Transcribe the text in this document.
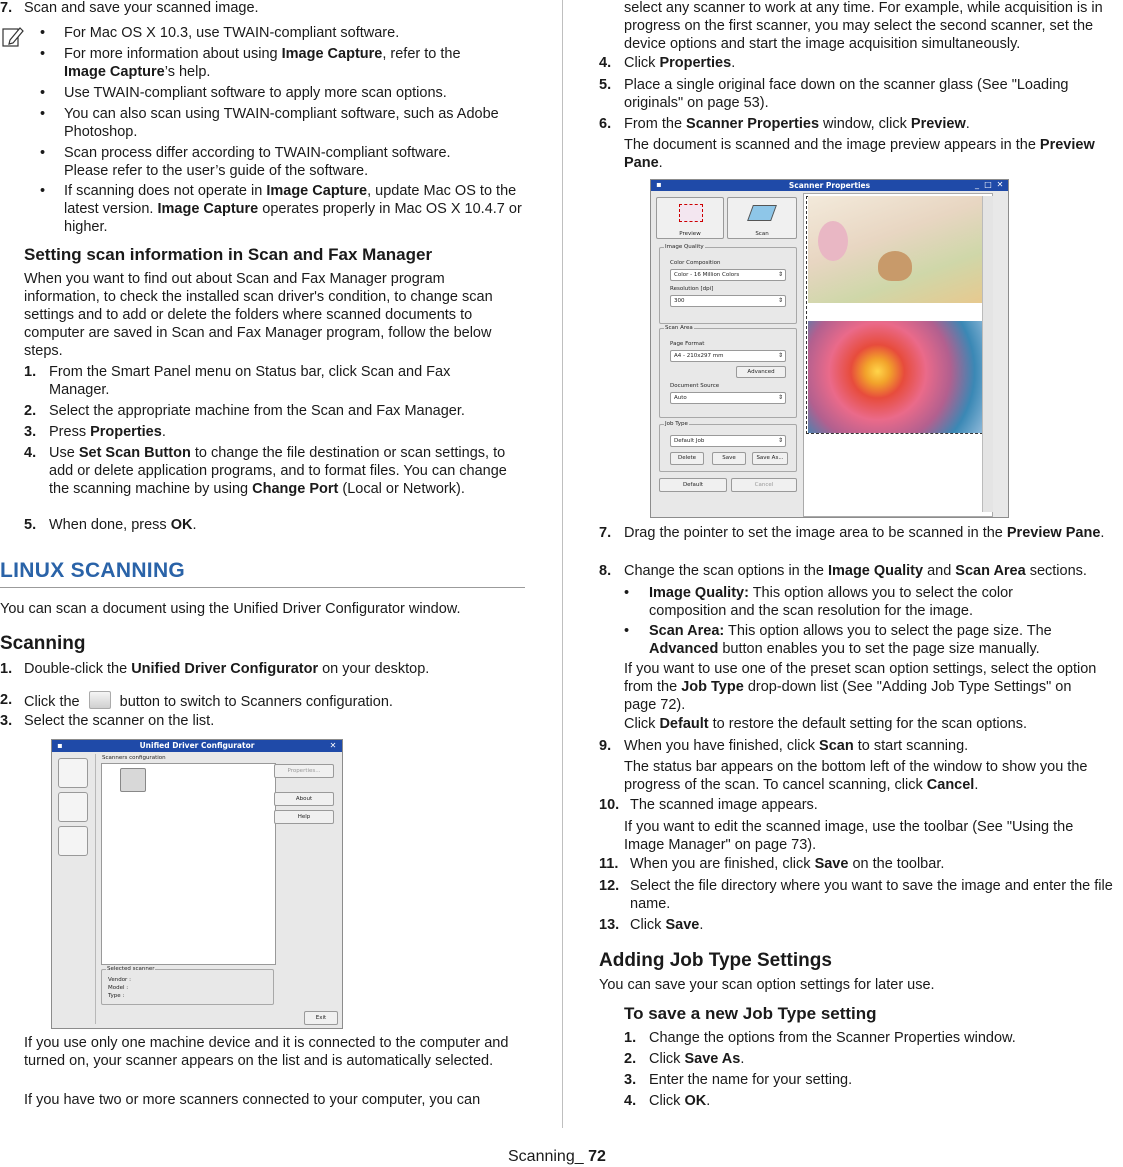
7. Scan and save your scanned image.
• For Mac OS X 10.3, use TWAIN-compliant software.
• For more information about using Image Capture, refer to the
Image Capture’s help.
• Use TWAIN-compliant software to apply more scan options.
• You can also scan using TWAIN-compliant software, such as Adobe Photoshop.
• Scan process differ according to TWAIN-compliant software. Please refer to the user’s guide of the software.
• If scanning does not operate in Image Capture, update Mac OS to the latest version. Image Capture operates properly in Mac OS X 10.4.7 or higher.
Setting scan information in Scan and Fax Manager
When you want to find out about Scan and Fax Manager program information, to check the installed scan driver's condition, to change scan settings and to add or delete the folders where scanned documents to computer are saved in Scan and Fax Manager program, follow the below steps.
1. From the Smart Panel menu on Status bar, click Scan and Fax Manager.
2. Select the appropriate machine from the Scan and Fax Manager.
3. Press Properties.
4. Use Set Scan Button to change the file destination or scan settings, to add or delete application programs, and to format files. You can change the scanning machine by using Change Port (Local or Network).
5. When done, press OK.
LINUX SCANNING
You can scan a document using the Unified Driver Configurator window.
Scanning
1. Double-click the Unified Driver Configurator on your desktop.
2. Click the  button to switch to Scanners configuration.
3. Select the scanner on the list.
Unified Driver Configurator
▪	✕
Scanners configuration
Properties...
About
Help
Selected scanner
Vendor :
Model :
Type :
Exit
If you use only one machine device and it is connected to the computer and turned on, your scanner appears on the list and is automatically selected.
If you have two or more scanners connected to your computer, you can
select any scanner to work at any time. For example, while acquisition is in progress on the first scanner, you may select the second scanner, set the device options and start the image acquisition simultaneously.
4. Click Properties.
5. Place a single original face down on the scanner glass (See "Loading originals" on page 53).
6. From the Scanner Properties window, click Preview.
The document is scanned and the image preview appears in the Preview Pane.
Scanner Properties
▪	_ □ ✕
Preview	Scan
Image Quality
Color Composition
Color - 16 Million Colors	⇕
Resolution [dpi]
300	⇕
Scan Area
Page Format
A4 - 210x297 mm	⇕
Advanced
Document Source
Auto	⇕
Job Type
Default Job	⇕
Delete	Save	Save As...
Default	Cancel
7. Drag the pointer to set the image area to be scanned in the Preview Pane.
8. Change the scan options in the Image Quality and Scan Area sections.
• Image Quality: This option allows you to select the color composition and the scan resolution for the image.
• Scan Area: This option allows you to select the page size. The Advanced button enables you to set the page size manually.
If you want to use one of the preset scan option settings, select the option from the Job Type drop-down list (See "Adding Job Type Settings" on page 72).
Click Default to restore the default setting for the scan options.
9. When you have finished, click Scan to start scanning.
The status bar appears on the bottom left of the window to show you the progress of the scan. To cancel scanning, click Cancel.
10. The scanned image appears.
If you want to edit the scanned image, use the toolbar (See "Using the Image Manager" on page 73).
11. When you are finished, click Save on the toolbar.
12. Select the file directory where you want to save the image and enter the file name.
13. Click Save.
Adding Job Type Settings
You can save your scan option settings for later use.
To save a new Job Type setting
1. Change the options from the Scanner Properties window.
2. Click Save As.
3. Enter the name for your setting.
4. Click OK.
Scanning_ 72
